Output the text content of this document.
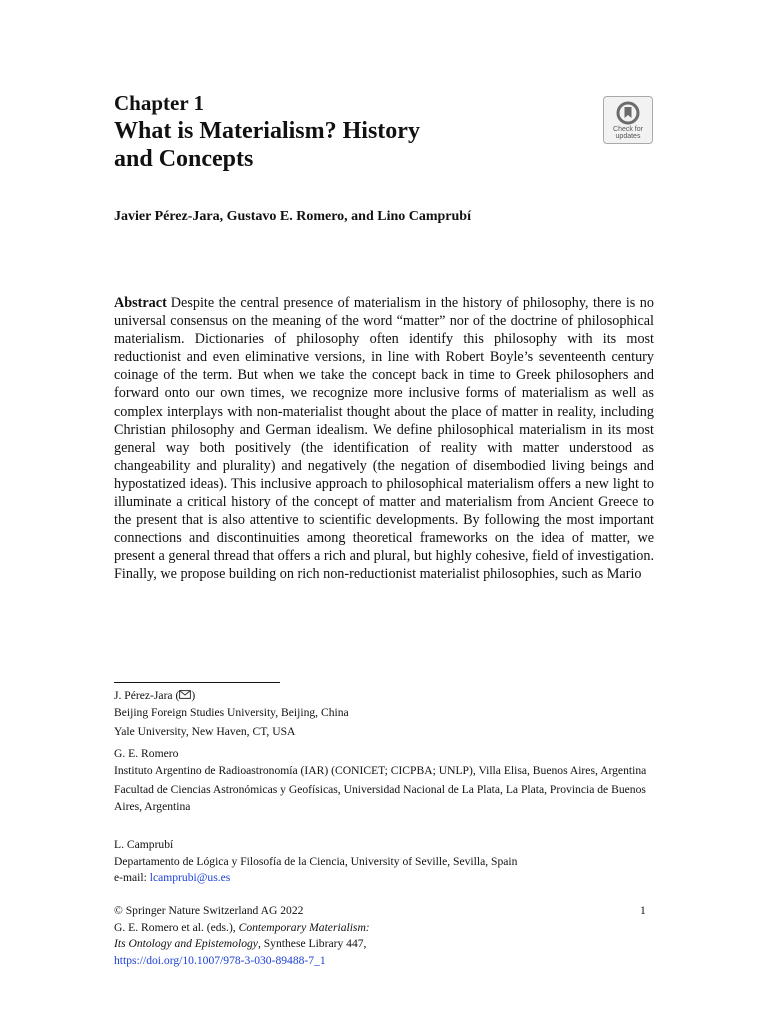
Chapter 1
What is Materialism? History
and Concepts
Check for
updates
Javier Pérez-Jara, Gustavo E. Romero, and Lino Camprubí

Abstract Despite the central presence of materialism in the history of philosophy, there is no universal consensus on the meaning of the word “matter” nor of the doctrine of philosophical materialism. Dictionaries of philosophy often identify this philosophy with its most reductionist and even eliminative versions, in line with Robert Boyle’s seventeenth century coinage of the term. But when we take the concept back in time to Greek philosophers and forward onto our own times, we recognize more inclusive forms of materialism as well as complex interplays with non-materialist thought about the place of matter in reality, including Christian philosophy and German idealism. We define philosophical materialism in its most general way both positively (the identification of reality with matter understood as changeability and plurality) and negatively (the negation of disembodied living beings and hypostatized ideas). This inclusive approach to philosophical materialism offers a new light to illuminate a critical history of the concept of matter and materialism from Ancient Greece to the present that is also attentive to scientific developments. By following the most important connections and discontinuities among theoretical frameworks on the idea of matter, we present a general thread that offers a rich and plural, but highly cohesive, field of investigation. Finally, we propose building on rich non-reductionist materialist philosophies, such as Mario

J. Pérez-Jara ( )

Beijing Foreign Studies University, Beijing, China

Yale University, New Haven, CT, USA

G. E. Romero

Instituto Argentino de Radioastronomía (IAR) (CONICET; CICPBA; UNLP), Villa Elisa, Buenos Aires, Argentina

Facultad de Ciencias Astronómicas y Geofísicas, Universidad Nacional de La Plata, La Plata, Provincia de Buenos Aires, Argentina

L. Camprubí

Departamento de Lógica y Filosofía de la Ciencia, University of Seville, Sevilla, Spain

e-mail: lcamprubi@us.es

© Springer Nature Switzerland AG 2022

G. E. Romero et al. (eds.), Contemporary Materialism:

Its Ontology and Epistemology, Synthese Library 447,

https://doi.org/10.1007/978-3-030-89488-7_1

1
